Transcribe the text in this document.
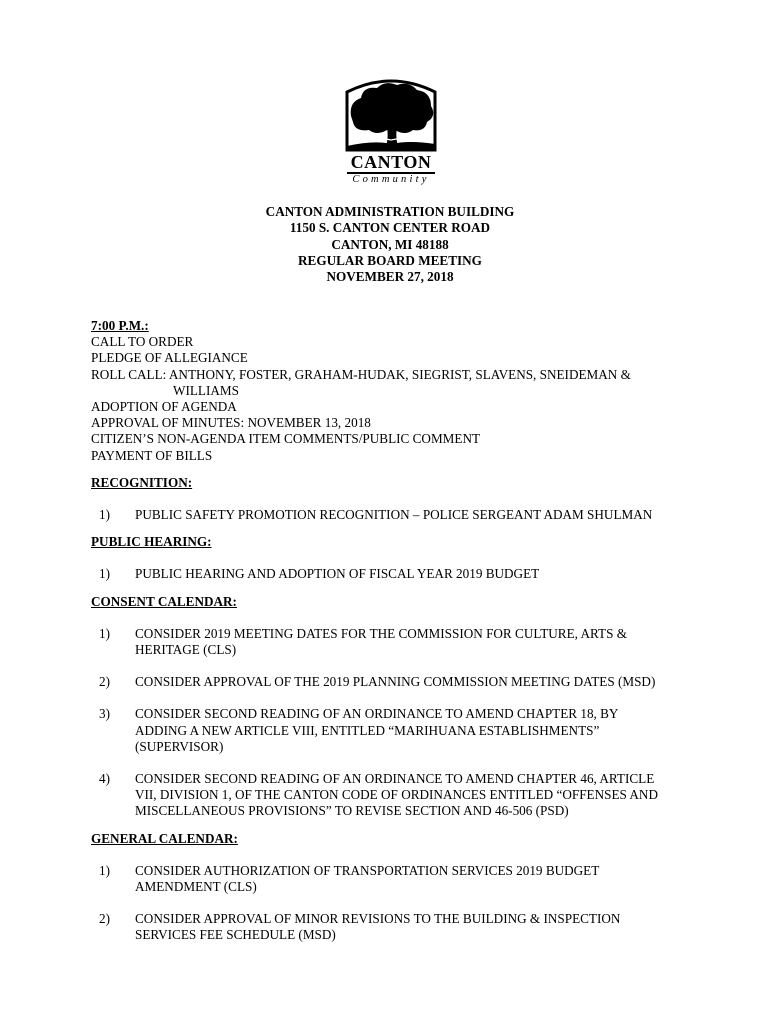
CANTON
Community
CANTON ADMINISTRATION BUILDING
1150 S. CANTON CENTER ROAD
CANTON, MI 48188
REGULAR BOARD MEETING
NOVEMBER 27, 2018
7:00 P.M.:
CALL TO ORDER
PLEDGE OF ALLEGIANCE
ROLL CALL: ANTHONY, FOSTER, GRAHAM-HUDAK, SIEGRIST, SLAVENS, SNEIDEMAN &
WILLIAMS
ADOPTION OF AGENDA
APPROVAL OF MINUTES: NOVEMBER 13, 2018
CITIZEN’S NON-AGENDA ITEM COMMENTS/PUBLIC COMMENT
PAYMENT OF BILLS
RECOGNITION:
1) PUBLIC SAFETY PROMOTION RECOGNITION – POLICE SERGEANT ADAM SHULMAN
PUBLIC HEARING:
1) PUBLIC HEARING AND ADOPTION OF FISCAL YEAR 2019 BUDGET
CONSENT CALENDAR:
1) CONSIDER 2019 MEETING DATES FOR THE COMMISSION FOR CULTURE, ARTS &
HERITAGE (CLS)
2) CONSIDER APPROVAL OF THE 2019 PLANNING COMMISSION MEETING DATES (MSD)
3) CONSIDER SECOND READING OF AN ORDINANCE TO AMEND CHAPTER 18, BY
ADDING A NEW ARTICLE VIII, ENTITLED “MARIHUANA ESTABLISHMENTS”
(SUPERVISOR)
4) CONSIDER SECOND READING OF AN ORDINANCE TO AMEND CHAPTER 46, ARTICLE
VII, DIVISION 1, OF THE CANTON CODE OF ORDINANCES ENTITLED “OFFENSES AND
MISCELLANEOUS PROVISIONS” TO REVISE SECTION AND 46-506 (PSD)
GENERAL CALENDAR:
1) CONSIDER AUTHORIZATION OF TRANSPORTATION SERVICES 2019 BUDGET
AMENDMENT (CLS)
2) CONSIDER APPROVAL OF MINOR REVISIONS TO THE BUILDING & INSPECTION
SERVICES FEE SCHEDULE (MSD)
